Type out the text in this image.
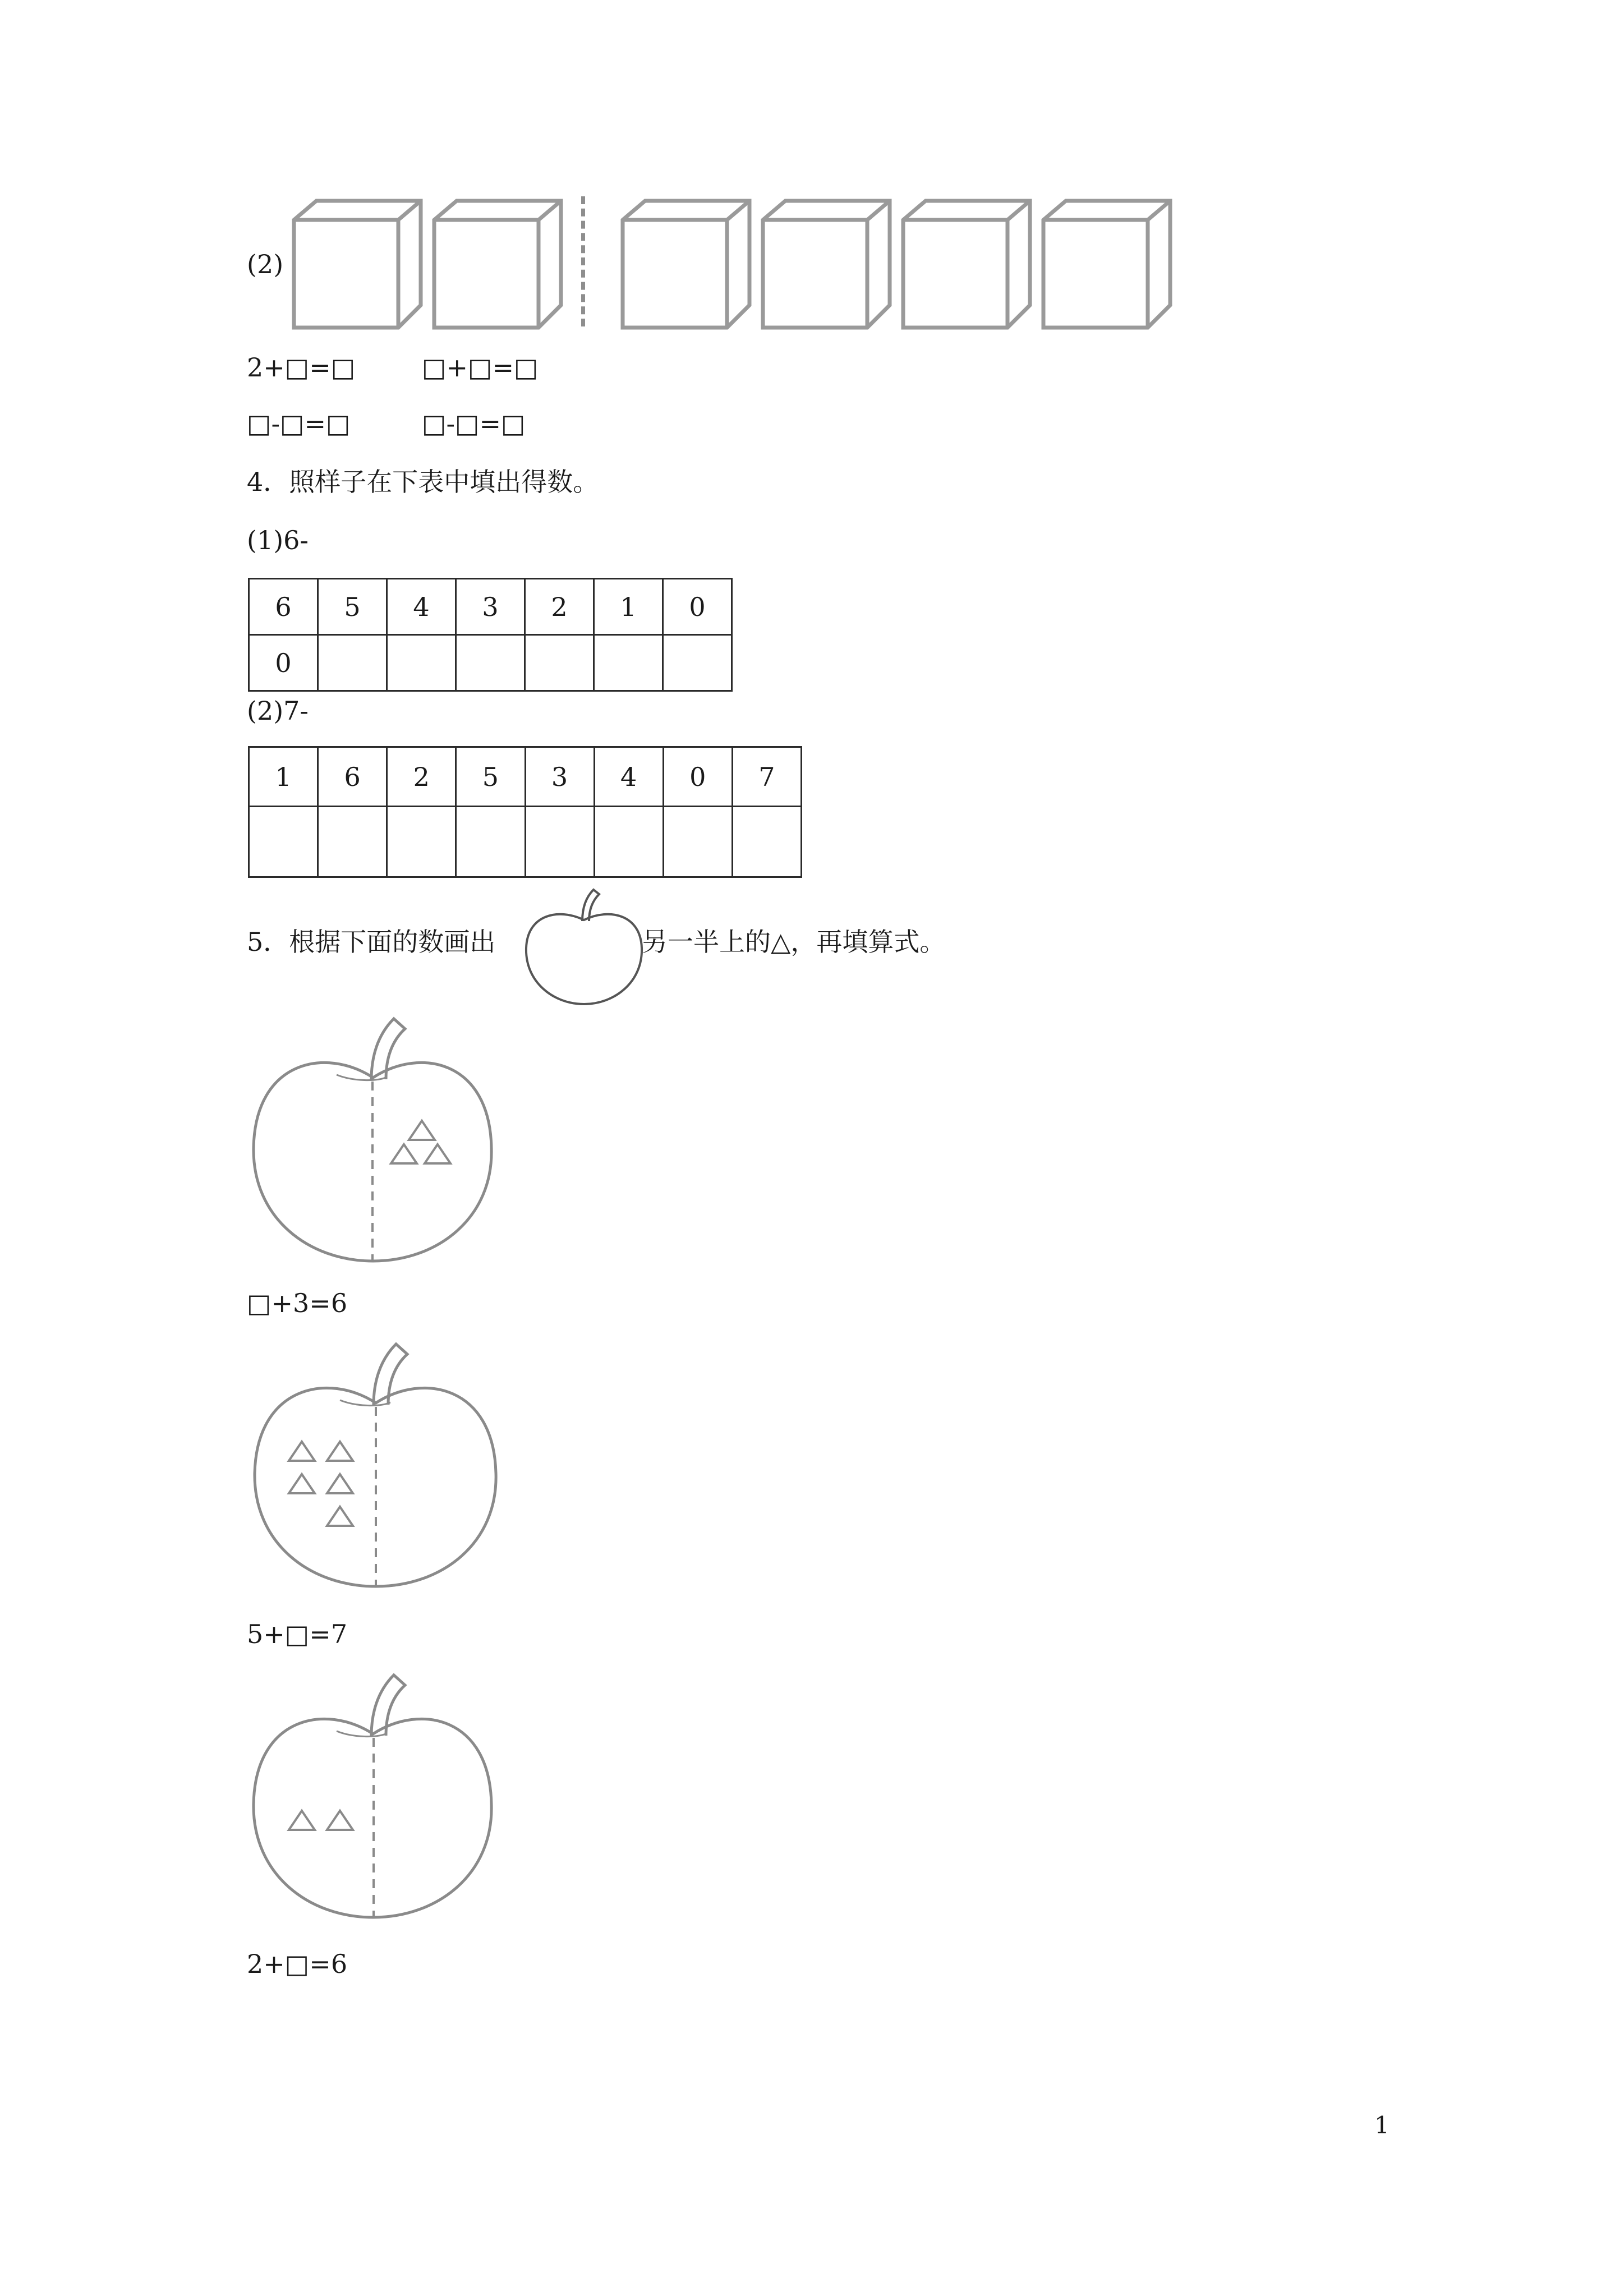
(2)
2+□=□	□+□=□
□-□=□	□-□=□
4．照样子在下表中填出得数。
(1)6-
6	5	4	3	2	1	0
0						
(2)7-
1	6	2	5	3	4	0	7

5．根据下面的数画出	另一半上的△，再填算式。
□+3=6
5+□=7
2+□=6
1
